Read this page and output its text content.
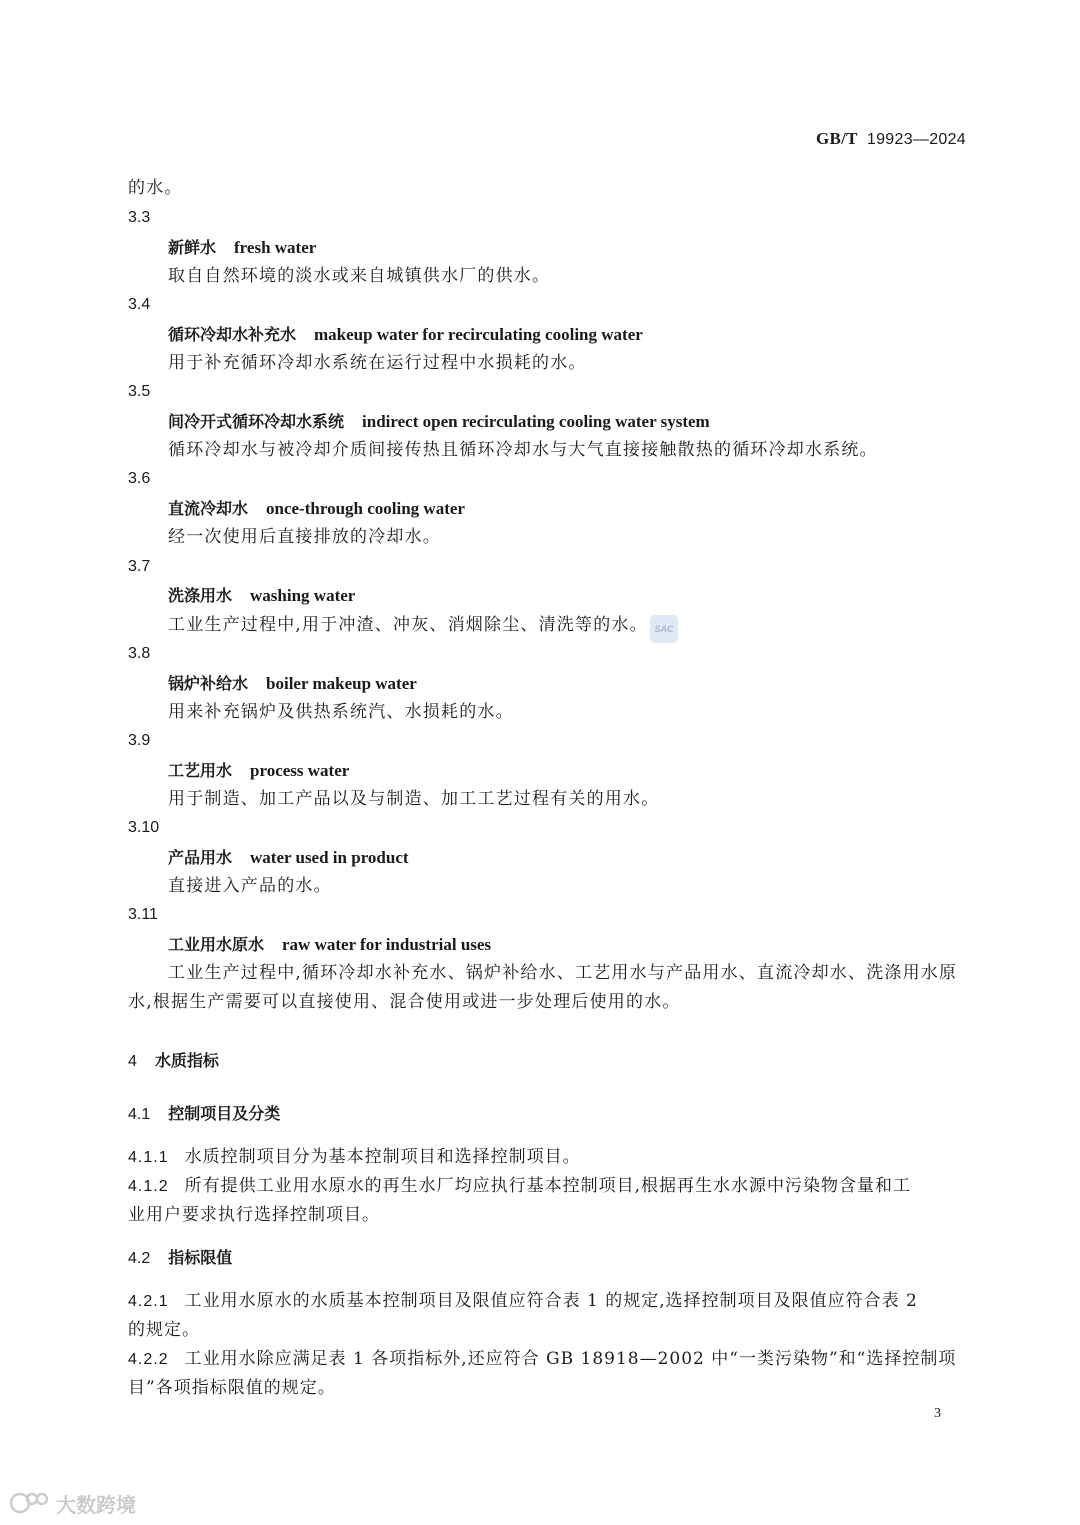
GB/T 19923—2024
的水。
3.3
新鲜水 fresh water
取自自然环境的淡水或来自城镇供水厂的供水。
3.4
循环冷却水补充水 makeup water for recirculating cooling water
用于补充循环冷却水系统在运行过程中水损耗的水。
3.5
间冷开式循环冷却水系统 indirect open recirculating cooling water system
循环冷却水与被冷却介质间接传热且循环冷却水与大气直接接触散热的循环冷却水系统。
3.6
直流冷却水 once-through cooling water
经一次使用后直接排放的冷却水。
3.7
洗涤用水 washing water
工业生产过程中,用于冲渣、冲灰、消烟除尘、清洗等的水。
3.8
锅炉补给水 boiler makeup water
用来补充锅炉及供热系统汽、水损耗的水。
3.9
工艺用水 process water
用于制造、加工产品以及与制造、加工工艺过程有关的用水。
3.10
产品用水 water used in product
直接进入产品的水。
3.11
工业用水原水 raw water for industrial uses
工业生产过程中,循环冷却水补充水、锅炉补给水、工艺用水与产品用水、直流冷却水、洗涤用水原
水,根据生产需要可以直接使用、混合使用或进一步处理后使用的水。
4 水质指标
4.1 控制项目及分类
4.1.1 水质控制项目分为基本控制项目和选择控制项目。
4.1.2 所有提供工业用水原水的再生水厂均应执行基本控制项目,根据再生水水源中污染物含量和工
业用户要求执行选择控制项目。
4.2 指标限值
4.2.1 工业用水原水的水质基本控制项目及限值应符合表 1 的规定,选择控制项目及限值应符合表 2
的规定。
4.2.2 工业用水除应满足表 1 各项指标外,还应符合 GB 18918—2002 中“一类污染物”和“选择控制项
目”各项指标限值的规定。
3
SAC
大数跨境
